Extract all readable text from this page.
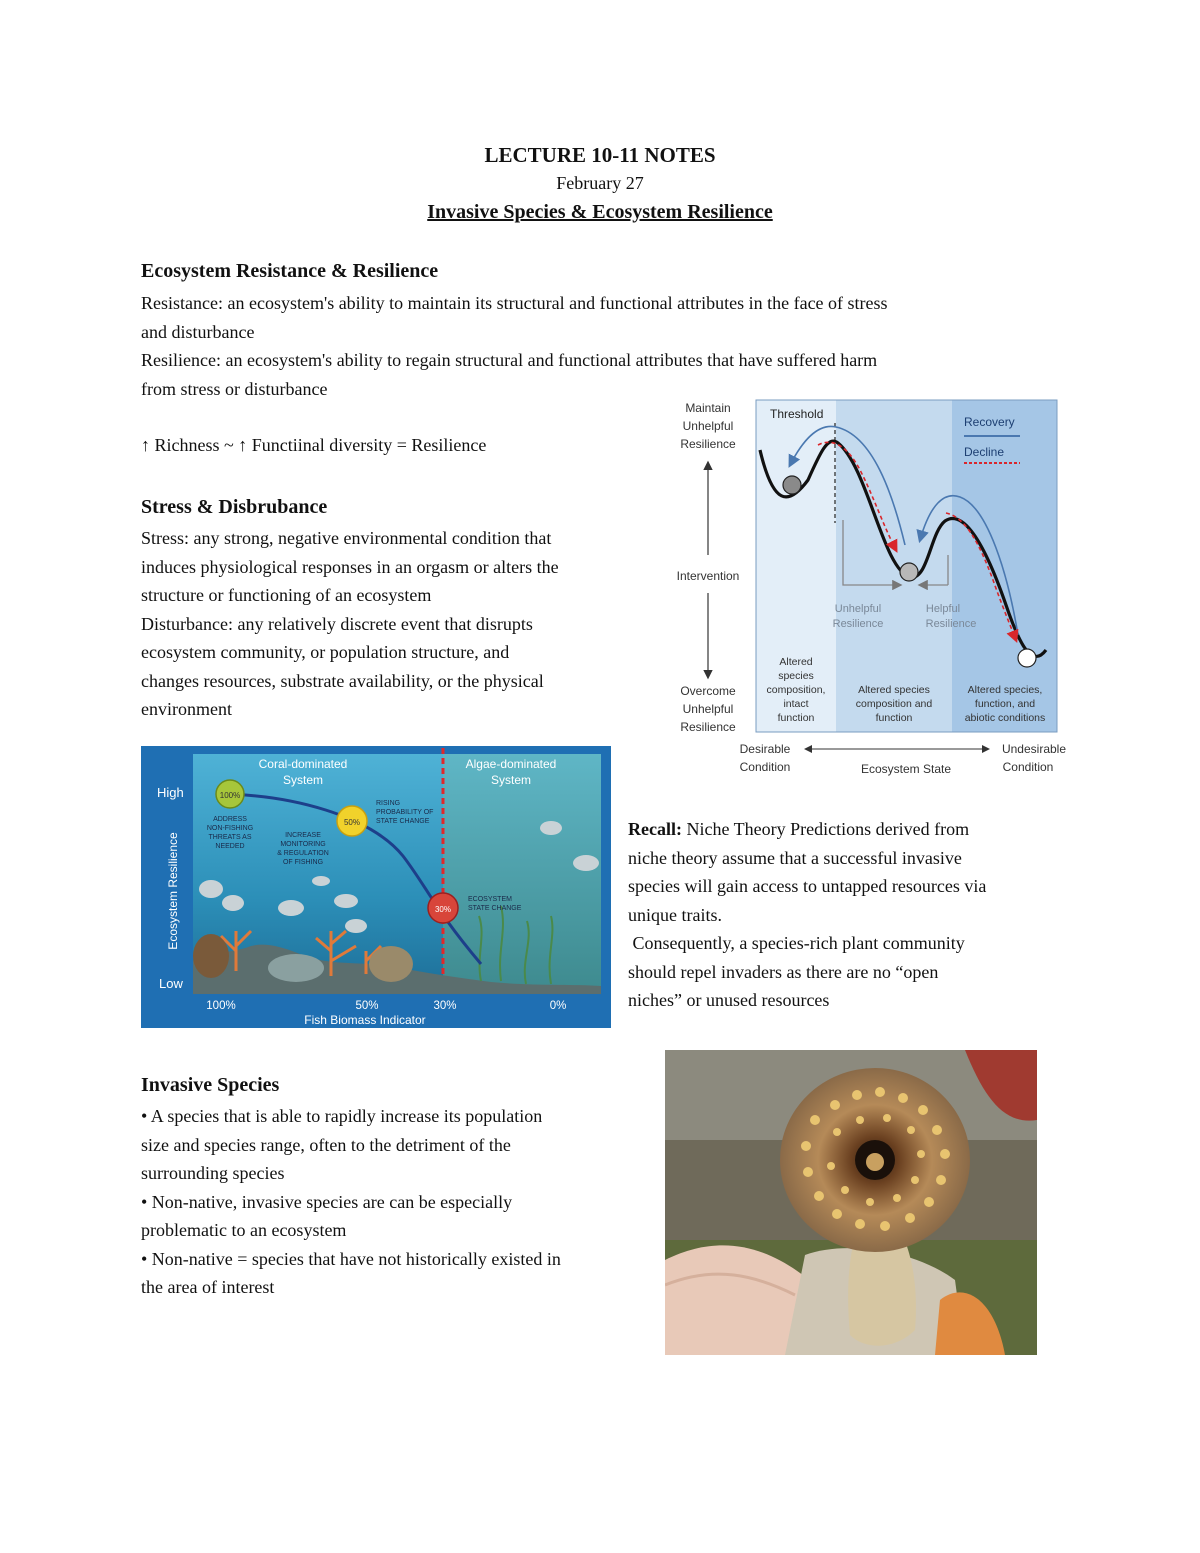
LECTURE 10-11 NOTES
February 27
Invasive Species & Ecosystem Resilience
Ecosystem Resistance & Resilience
Resistance: an ecosystem's ability to maintain its structural and functional attributes in the face of stress
and disturbance
Resilience: an ecosystem's ability to regain structural and functional attributes that have suffered harm
from stress or disturbance
↑ Richness ~ ↑ Functiinal diversity = Resilience
Stress & Disbrubance
Stress: any strong, negative environmental condition that
induces physiological responses in an orgasm or alters the
structure or functioning of an ecosystem
Disturbance: any relatively discrete event that disrupts
ecosystem community, or population structure, and
changes resources, substrate availability, or the physical
environment
Maintain
Unhelpful
Resilience
Intervention
Overcome
Unhelpful
Resilience
Threshold
Recovery
Decline
Unhelpful
Resilience
Helpful
Resilience
Altered
species
composition,
intact
function
Altered species
composition and
function
Altered species,
function, and
abiotic conditions
Desirable
Condition	Ecosystem State
Undesirable
Condition
Coral-dominated
System
Algae-dominated
System
High
Low
Ecosystem Resilience
100%	50%	30%	0%
Fish Biomass Indicator
100%
ADDRESS
NON-FISHING
THREATS AS
NEEDED
50%
INCREASE
MONITORING
& REGULATION
OF FISHING
RISING
PROBABILITY OF
STATE CHANGE
30%
ECOSYSTEM
STATE CHANGE
Recall: Niche Theory Predictions derived from
niche theory assume that a successful invasive
species will gain access to untapped resources via
unique traits.
Consequently, a species-rich plant community
should repel invaders as there are no “open
niches” or unused resources
Invasive Species
• A species that is able to rapidly increase its population
size and species range, often to the detriment of the
surrounding species
• Non-native, invasive species are can be especially
problematic to an ecosystem
• Non-native = species that have not historically existed in
the area of interest
